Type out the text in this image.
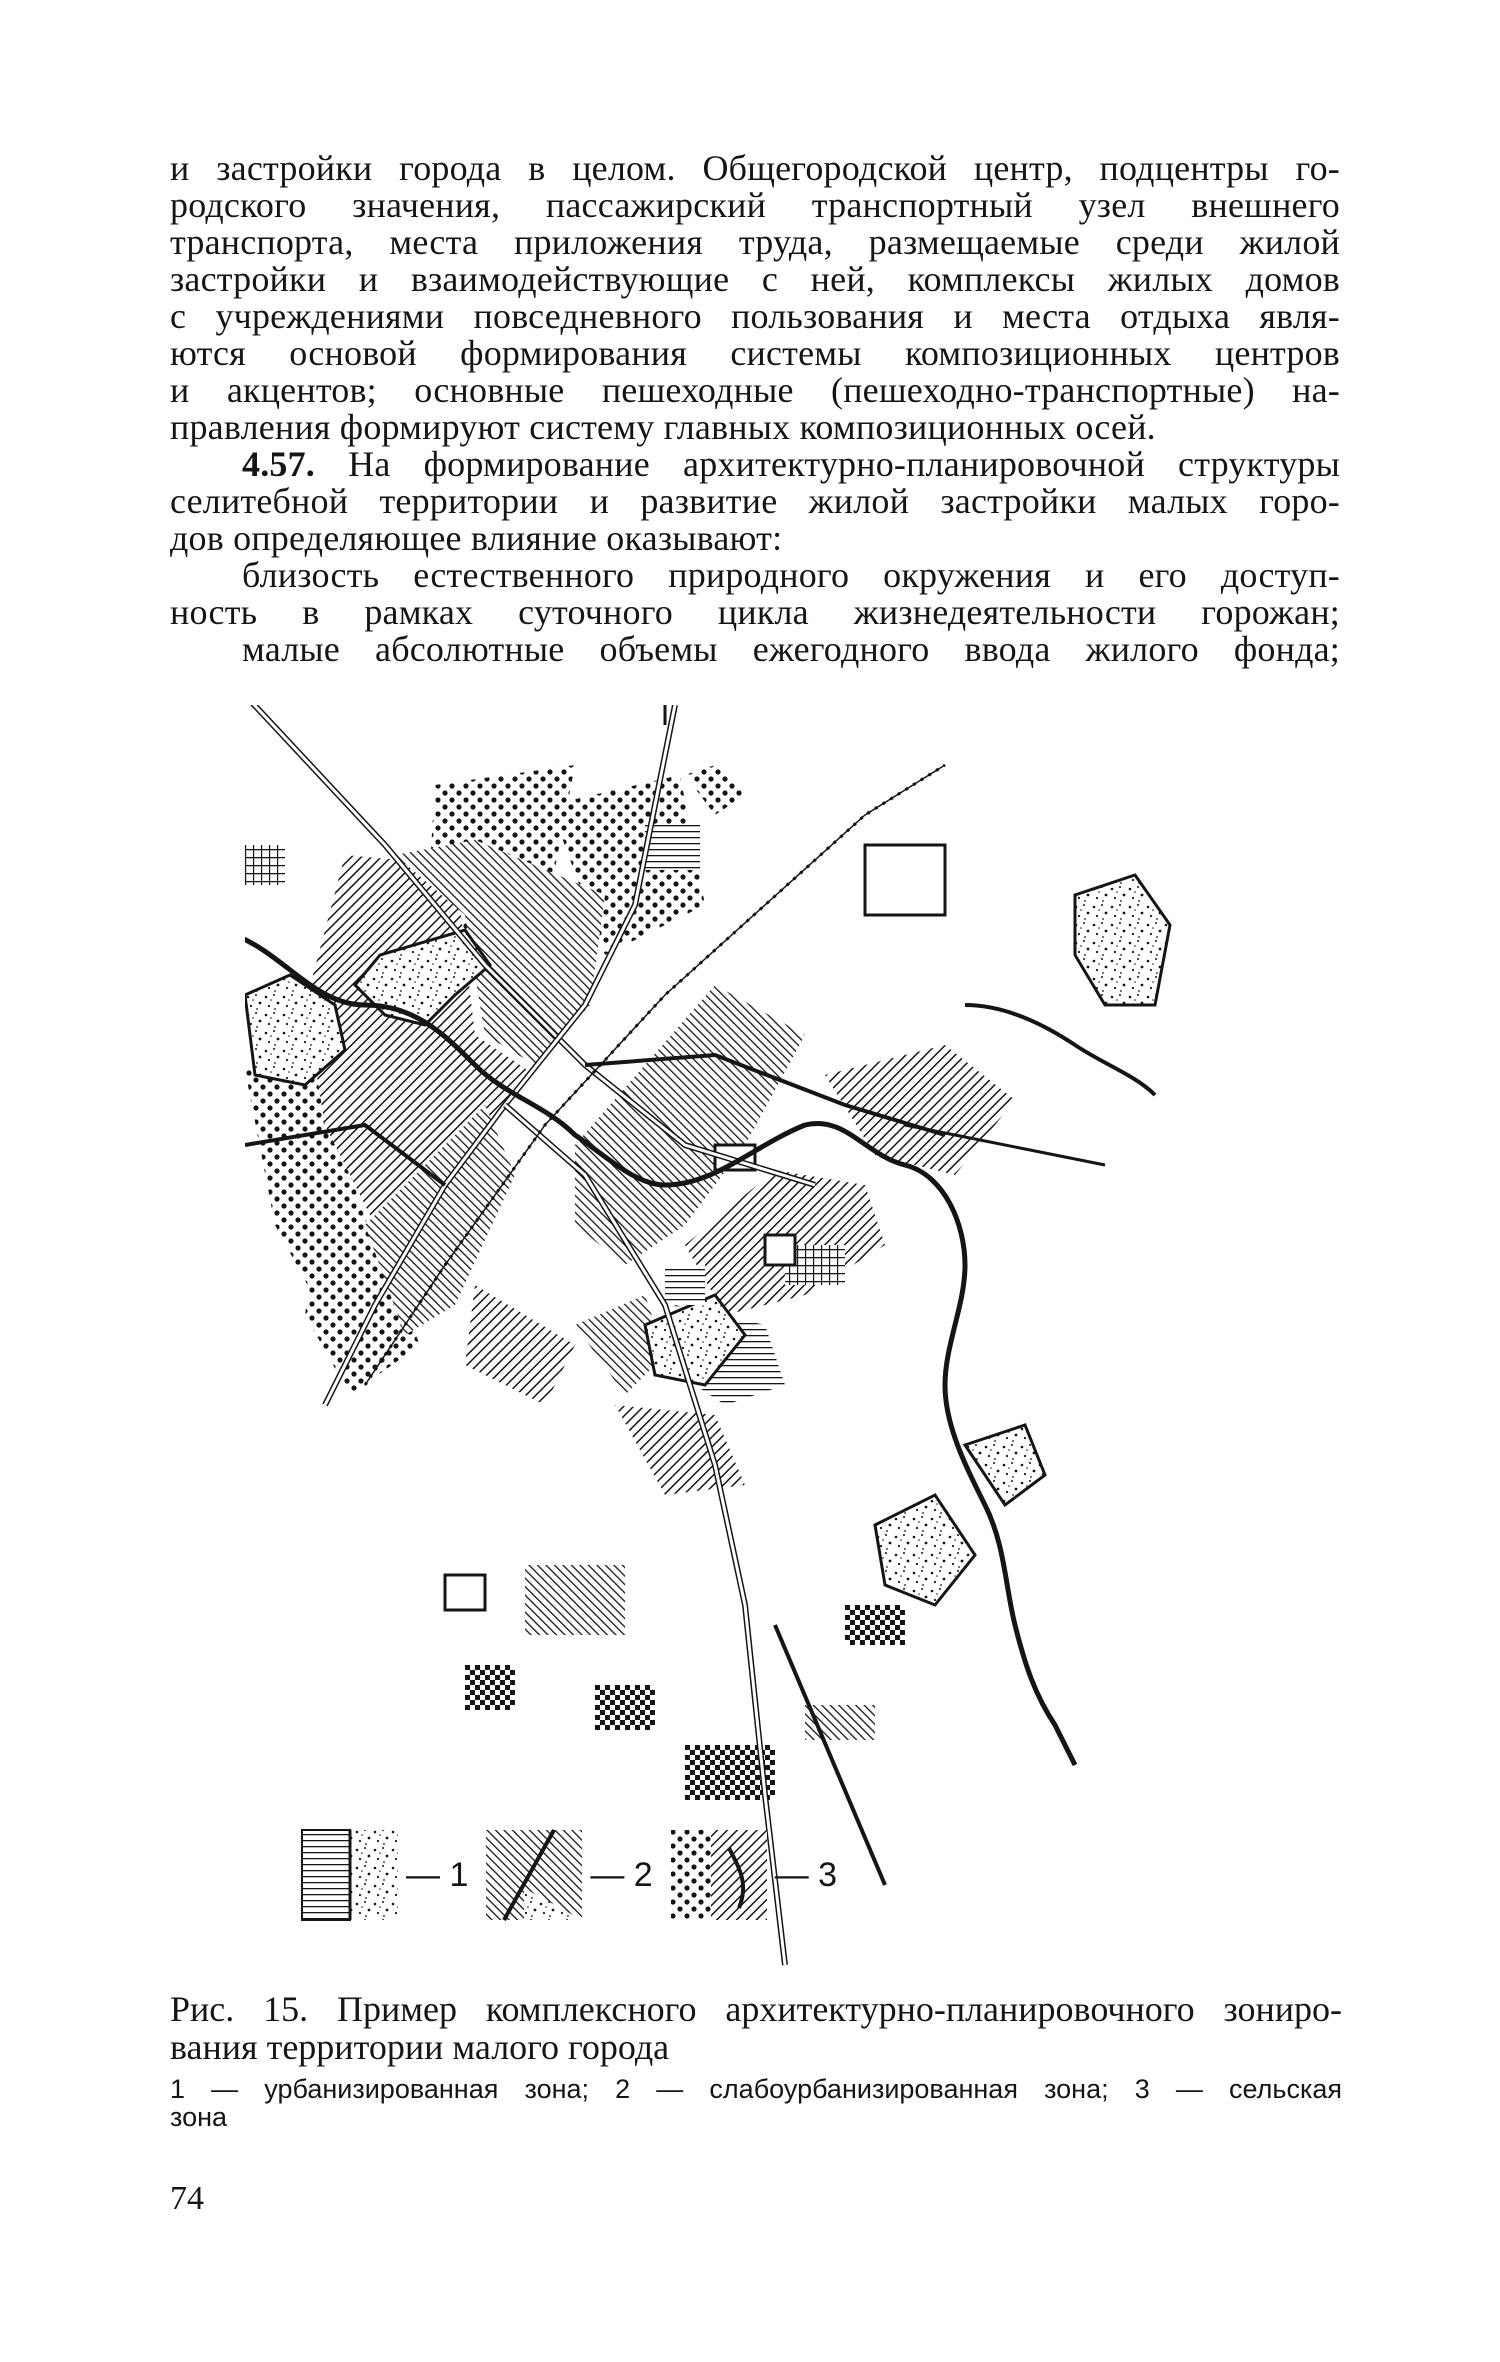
и застройки города в целом. Общегородской центр, подцентры го-

родского значения, пассажирский транспортный узел внешнего

транспорта, места приложения труда, размещаемые среди жилой

застройки и взаимодействующие с ней, комплексы жилых домов

с учреждениями повседневного пользования и места отдыха явля-

ются основой формирования системы композиционных центров

и акцентов; основные пешеходные (пешеходно-транспортные) на-

правления формируют систему главных композиционных осей.

4.57. На формирование архитектурно-планировочной структуры

селитебной территории и развитие жилой застройки малых горо-

дов определяющее влияние оказывают:

близость естественного природного окружения и его доступ-

ность в рамках суточного цикла жизнедеятельности горожан;

малые абсолютные объемы ежегодного ввода жилого фонда;

— 1	— 2	— 3

Рис. 15. Пример комплексного архитектурно-планировочного зониро-

вания территории малого города

1 — урбанизированная зона; 2 — слабоурбанизированная зона; 3 — сельская

зона

74
